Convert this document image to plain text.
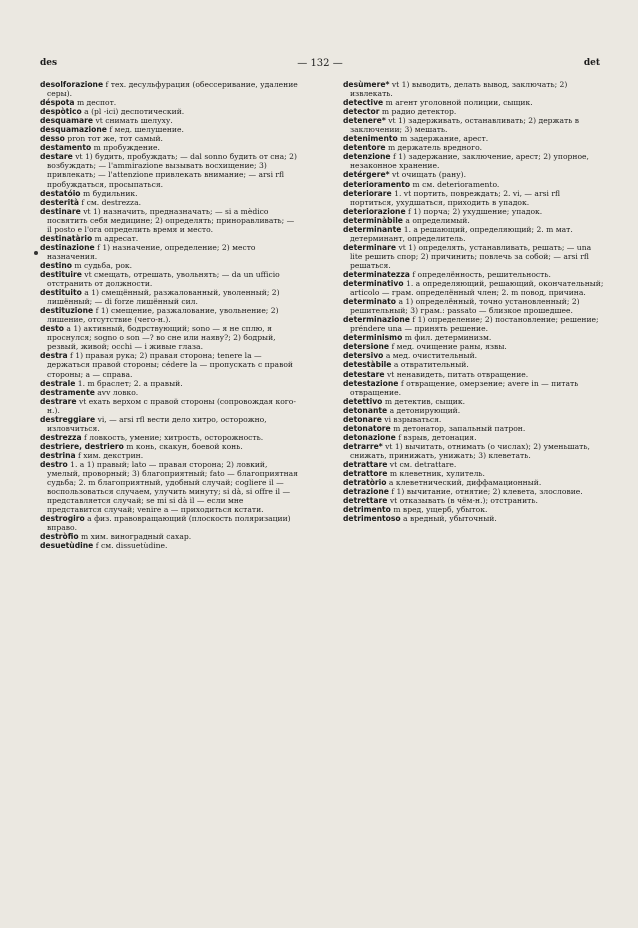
des	— 132 —	det

desolforazione f тех. десульфурация (обессеривание, удаление серы).

déspota m деспот.

despòtico a (pl -ici) деспотический.

desquamare vt снимать шелуху.

desquamazione f мед. шелушение.

desso pron тот же, тот самый.

destamento m пробуждение.

destare vt 1) будить, пробуждать; — dal sonno будить от сна; 2) возбуждать; — l'ammirazione вызывать восхищение; 3) привлекать; — l'attenzione привлекать внимание; — arsi rfl пробуждаться, просыпаться.

destatóio m будильник.

desterità f см. destrezza.

destinare vt 1) назначить, предназначать; — si a mèdico посвятить себя медицине; 2) определять; приноравливать; — il posto e l'ora определить время и место.

destinatàrio m адресат.

destinazione f 1) назначение, определение; 2) место назначения.

destino m судьба, рок.

destituire vt смещать, отрешать, увольнять; — da un ufficio отстранить от должности.

destituito a 1) смещённый, разжалованный, уволенный; 2) лишённый; — di forze лишённый сил.

destituzione f 1) смещение, разжалование, увольнение; 2) лишение, отсутствие (чего-н.).

desto a 1) активный, бодрствующий; sono — я не сплю, я проснулся; sogno o son —? во сне или наяву?; 2) бодрый, резвый, живой; occhi — i живые глаза.

destra f 1) правая рука; 2) правая сторона; tenere la — держаться правой стороны; cédere la — пропускать с правой стороны; a — справа.

destrale 1. m браслет; 2. a правый.

destramente avv ловко.

destrare vt ехать верхом с правой стороны (сопровождая кого-н.).

destreggiare vi, — arsi rfl вести дело хитро, осторожно, изловчиться.

destrezza f ловкость, умение; хитрость, осторожность.

destriere, destriero m конь, скакун, боевой конь.

destrina f хим. декстрин.

destro 1. a 1) правый; lato — правая сторона; 2) ловкий, умелый, проворный; 3) благоприятный; fato — благоприятная судьба; 2. m благоприятный, удобный случай; cogliere il — воспользоваться случаем, улучить минуту; si dà, si offre il — представляется случай; se mi si dà il — если мне представится случай; venire a — приходиться кстати.

destrogiro a физ. правовращающий (плоскость поляризации) вправо.

destròfio m хим. виноградный сахар.

desuetùdine f см. dissuetùdine.

desùmere* vt 1) выводить, делать вывод, заключать; 2) извлекать.

detective m агент уголовной полиции, сыщик.

detector m радио детектор.

detenere* vt 1) задерживать, останавливать; 2) держать в заключении; 3) мешать.

detenimento m задержание, арест.

detentore m держатель вредного.

detenzione f 1) задержание, заключение, арест; 2) упорное, незаконное хранение.

detérgere* vt очищать (рану).

deterioramento m см. deterioramento.

deteriorare 1. vt портить, повреждать; 2. vi, — arsi rfl портиться, ухудшаться, приходить в упадок.

deteriorazione f 1) порча; 2) ухудшение; упадок.

determinàbile a определимый.

determinante 1. a решающий, определяющий; 2. m мат. детерминант, определитель.

determinare vt 1) определять, устанавливать, решать; — una lite решить спор; 2) причинить; повлечь за собой; — arsi rfl решаться.

determinatezza f определённость, решительность.

determinativo 1. a определяющий, решающий, окончательный; articolo — грам. определённый член; 2. m повод, причина.

determinato a 1) определённый, точно установленный; 2) решительный; 3) грам.: passato — близкое прошедшее.

determinazione f 1) определение; 2) постановление; решение; préndere una — принять решение.

determinismo m фил. детерминизм.

detersione f мед. очищение раны, язвы.

detersivo a мед. очистительный.

detestàbile a отвратительный.

detestare vt ненавидеть, питать отвращение.

detestazione f отвращение, омерзение; avere in — питать отвращение.

detettivo m детектив, сыщик.

detonante a детонирующий.

detonare vi взрываться.

detonatore m детонатор, запальный патрон.

detonazione f взрыв, детонация.

detrarre* vt 1) вычитать, отнимать (о числах); 2) уменьшать, снижать, принижать, унижать; 3) клеветать.

detrattare vt см. detrattare.

detrattore m клеветник, хулитель.

detratòrio a клеветнический, диффамационный.

detrazione f 1) вычитание, отнятие; 2) клевета, злословие.

detrettare vt отказывать (в чём-н.); отстранить.

detrimento m вред, ущерб, убыток.

detrimentoso a вредный, убыточный.
